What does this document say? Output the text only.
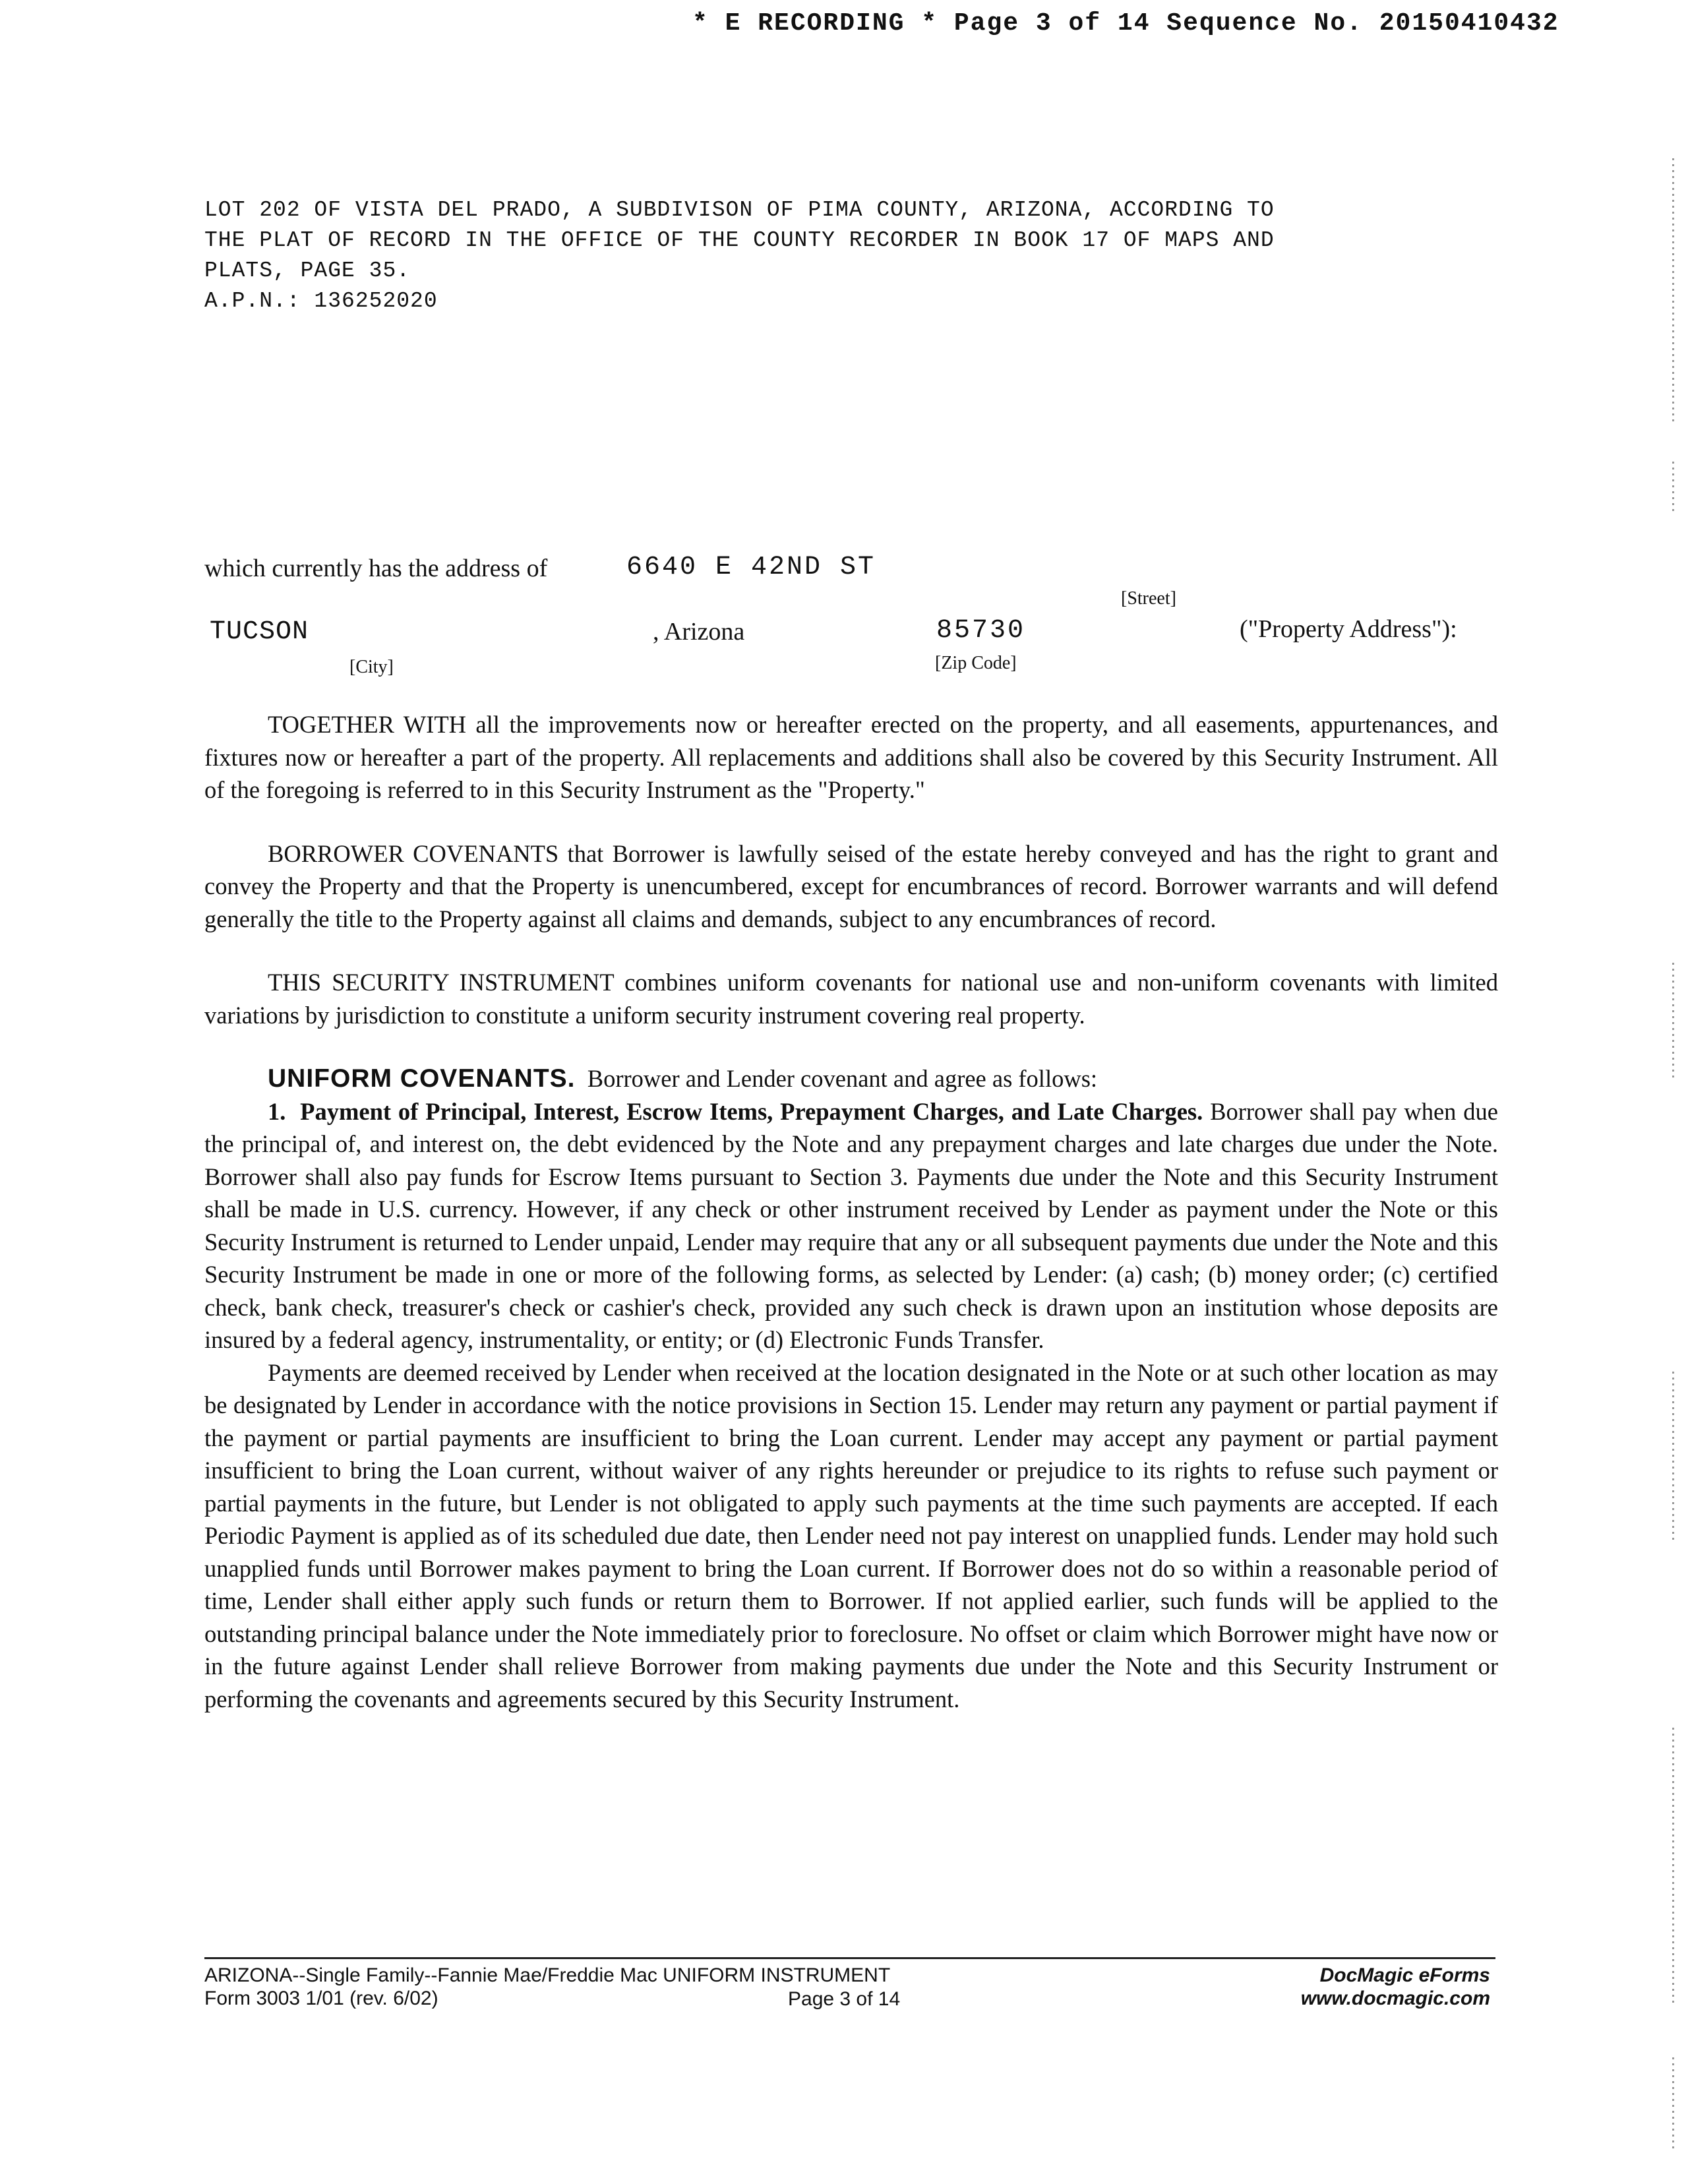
* E RECORDING * Page 3 of 14 Sequence No. 20150410432
LOT 202 OF VISTA DEL PRADO, A SUBDIVISON OF PIMA COUNTY, ARIZONA, ACCORDING TO
THE PLAT OF RECORD IN THE OFFICE OF THE COUNTY RECORDER IN BOOK 17 OF MAPS AND
PLATS, PAGE 35.
A.P.N.: 136252020
which currently has the address of	6640 E 42ND ST
[Street]
TUCSON	, Arizona	85730	("Property Address"):
[City]	[Zip Code]

TOGETHER WITH all the improvements now or hereafter erected on the property, and all easements, appurtenances, and fixtures now or hereafter a part of the property. All replacements and additions shall also be covered by this Security Instrument. All of the foregoing is referred to in this Security Instrument as the "Property."

BORROWER COVENANTS that Borrower is lawfully seised of the estate hereby conveyed and has the right to grant and convey the Property and that the Property is unencumbered, except for encumbrances of record. Borrower warrants and will defend generally the title to the Property against all claims and demands, subject to any encumbrances of record.

THIS SECURITY INSTRUMENT combines uniform covenants for national use and non-uniform covenants with limited variations by jurisdiction to constitute a uniform security instrument covering real property.

UNIFORM COVENANTS. Borrower and Lender covenant and agree as follows:

1.  Payment of Principal, Interest, Escrow Items, Prepayment Charges, and Late Charges. Borrower shall pay when due the principal of, and interest on, the debt evidenced by the Note and any prepayment charges and late charges due under the Note. Borrower shall also pay funds for Escrow Items pursuant to Section 3. Payments due under the Note and this Security Instrument shall be made in U.S. currency. However, if any check or other instrument received by Lender as payment under the Note or this Security Instrument is returned to Lender unpaid, Lender may require that any or all subsequent payments due under the Note and this Security Instrument be made in one or more of the following forms, as selected by Lender: (a) cash; (b) money order; (c) certified check, bank check, treasurer's check or cashier's check, provided any such check is drawn upon an institution whose deposits are insured by a federal agency, instrumentality, or entity; or (d) Electronic Funds Transfer.

Payments are deemed received by Lender when received at the location designated in the Note or at such other location as may be designated by Lender in accordance with the notice provisions in Section 15. Lender may return any payment or partial payment if the payment or partial payments are insufficient to bring the Loan current. Lender may accept any payment or partial payment insufficient to bring the Loan current, without waiver of any rights hereunder or prejudice to its rights to refuse such payment or partial payments in the future, but Lender is not obligated to apply such payments at the time such payments are accepted. If each Periodic Payment is applied as of its scheduled due date, then Lender need not pay interest on unapplied funds. Lender may hold such unapplied funds until Borrower makes payment to bring the Loan current. If Borrower does not do so within a reasonable period of time, Lender shall either apply such funds or return them to Borrower. If not applied earlier, such funds will be applied to the outstanding principal balance under the Note immediately prior to foreclosure. No offset or claim which Borrower might have now or in the future against Lender shall relieve Borrower from making payments due under the Note and this Security Instrument or performing the covenants and agreements secured by this Security Instrument.

ARIZONA--Single Family--Fannie Mae/Freddie Mac UNIFORM INSTRUMENT
Form 3003 1/01 (rev. 6/02)	Page 3 of 14
DocMagic eForms
www.docmagic.com
